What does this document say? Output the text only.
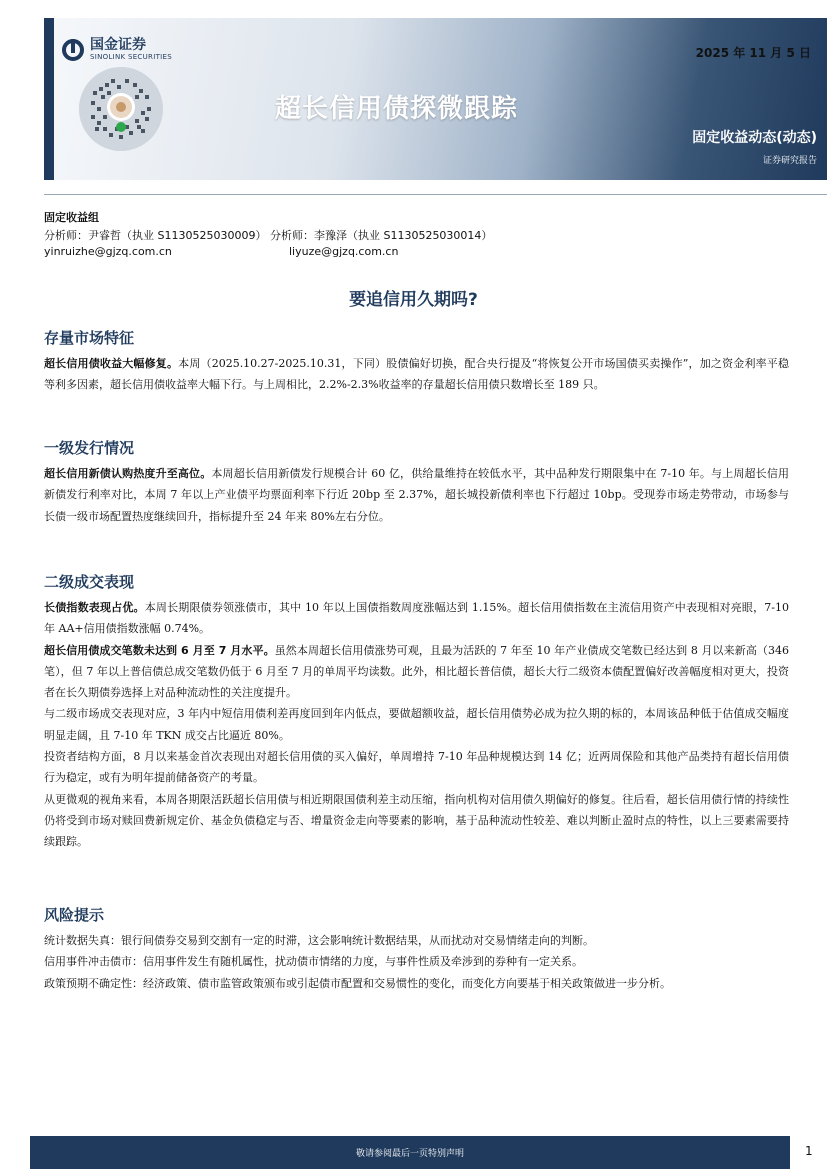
国金证券
SINOLINK SECURITIES
超长信用债探微跟踪
2025 年 11 月 5 日
固定收益动态(动态)
证券研究报告
固定收益组
分析师：尹睿哲（执业 S1130525030009） 分析师：李豫泽（执业 S1130525030014）
yinruizhe@gjzq.com.cn	liyuze@gjzq.com.cn
要追信用久期吗?
存量市场特征

超长信用债收益大幅修复。本周（2025.10.27-2025.10.31，下同）股债偏好切换，配合央行提及“将恢复公开市场国债买卖操作”，加之资金利率平稳等利多因素，超长信用债收益率大幅下行。与上周相比，2.2%-2.3%收益率的存量超长信用债只数增长至 189 只。

一级发行情况

超长信用新债认购热度升至高位。本周超长信用新债发行规模合计 60 亿，供给量维持在较低水平，其中品种发行期限集中在 7-10 年。与上周超长信用新债发行利率对比，本周 7 年以上产业债平均票面利率下行近 20bp 至 2.37%，超长城投新债利率也下行超过 10bp。受现券市场走势带动，市场参与长债一级市场配置热度继续回升，指标提升至 24 年来 80%左右分位。

二级成交表现

长债指数表现占优。本周长期限债券领涨债市，其中 10 年以上国债指数周度涨幅达到 1.15%。超长信用债指数在主流信用资产中表现相对亮眼，7-10 年 AA+信用债指数涨幅 0.74%。

超长信用债成交笔数未达到 6 月至 7 月水平。虽然本周超长信用债涨势可观，且最为活跃的 7 年至 10 年产业债成交笔数已经达到 8 月以来新高（346 笔），但 7 年以上普信债总成交笔数仍低于 6 月至 7 月的单周平均读数。此外，相比超长普信债，超长大行二级资本债配置偏好改善幅度相对更大，投资者在长久期债券选择上对品种流动性的关注度提升。

与二级市场成交表现对应，3 年内中短信用债利差再度回到年内低点，要做超额收益，超长信用债势必成为拉久期的标的，本周该品种低于估值成交幅度明显走阔，且 7-10 年 TKN 成交占比逼近 80%。

投资者结构方面，8 月以来基金首次表现出对超长信用债的买入偏好，单周增持 7-10 年品种规模达到 14 亿；近两周保险和其他产品类持有超长信用债行为稳定，或有为明年提前储备资产的考量。

从更微观的视角来看，本周各期限活跃超长信用债与相近期限国债利差主动压缩，指向机构对信用债久期偏好的修复。往后看，超长信用债行情的持续性仍将受到市场对赎回费新规定价、基金负债稳定与否、增量资金走向等要素的影响，基于品种流动性较差、难以判断止盈时点的特性，以上三要素需要持续跟踪。

风险提示

统计数据失真：银行间债券交易到交割有一定的时滞，这会影响统计数据结果，从而扰动对交易情绪走向的判断。

信用事件冲击债市：信用事件发生有随机属性，扰动债市情绪的力度，与事件性质及牵涉到的券种有一定关系。

政策预期不确定性：经济政策、债市监管政策颁布或引起债市配置和交易惯性的变化，而变化方向要基于相关政策做进一步分析。

敬请参阅最后一页特别声明	1
